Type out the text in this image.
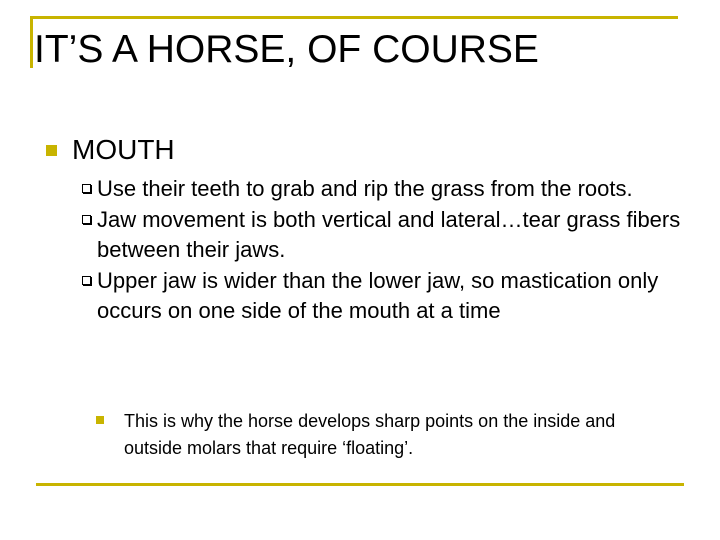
IT’S A HORSE, OF COURSE
MOUTH
Use their teeth to grab and rip the grass from the roots.
Jaw movement is both vertical and lateral…tear grass fibers between their jaws.
Upper jaw is wider than the lower jaw, so mastication only occurs on one side of the mouth at a time
This is why the horse develops sharp points on the inside and outside molars that require ‘floating’.
